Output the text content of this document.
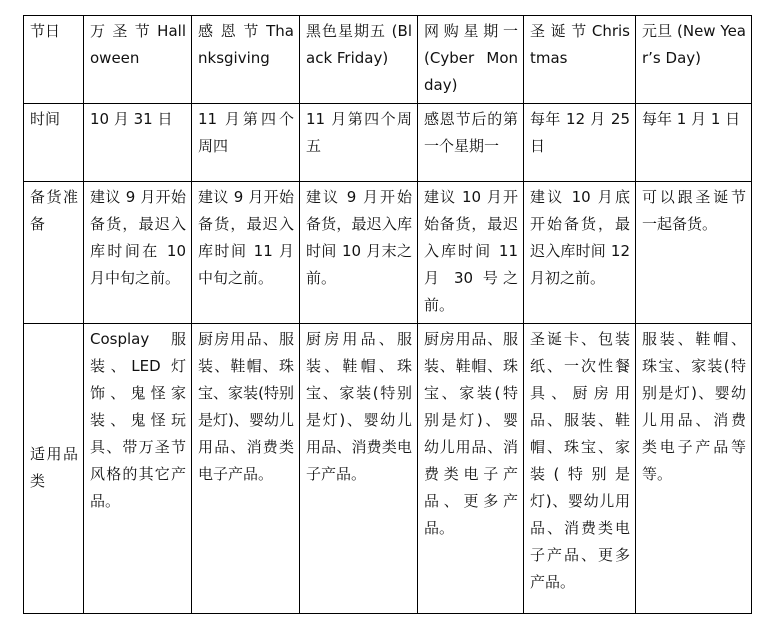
节日	万 圣 节 Halloween	感 恩 节 Thanksgiving	黑色星期五 (Black Friday)	网购星期一 (Cyber Monday)	圣 诞 节 Christmas	元旦 (New Year’s Day)
时间	10 月 31 日	11 月第四个周四	11 月第四个周五	感恩节后的第一个星期一	每年 12 月 25 日	每年 1 月 1 日
备货准备	建议 9 月开始备货，最迟入库时间在 10 月中旬之前。	建议 9 月开始备货，最迟入库时间 11 月中旬之前。	建议 9 月开始备货，最迟入库时间 10 月末之前。	建议 10 月开始备货，最迟入库时间 11 月 30 号之前。	建议 10 月底开始备货，最迟入库时间 12 月初之前。	可以跟圣诞节一起备货。
适用品类	Cosplay 服装、LED 灯饰、鬼怪家装、鬼怪玩具、带万圣节风格的其它产品。	厨房用品、服装、鞋帽、珠宝、家装(特别是灯)、婴幼儿用品、消费类电子产品。	厨房用品、服装、鞋帽、珠宝、家装(特别是灯)、婴幼儿用品、消费类电子产品。	厨房用品、服装、鞋帽、珠宝、家装(特别是灯)、婴幼儿用品、消费类电子产品、更多产品。	圣诞卡、包装纸、一次性餐具、厨房用品、服装、鞋帽、珠宝、家装(特别是灯)、婴幼儿用品、消费类电子产品、更多产品。	服装、鞋帽、珠宝、家装(特别是灯)、婴幼儿用品、消费类电子产品等等。
